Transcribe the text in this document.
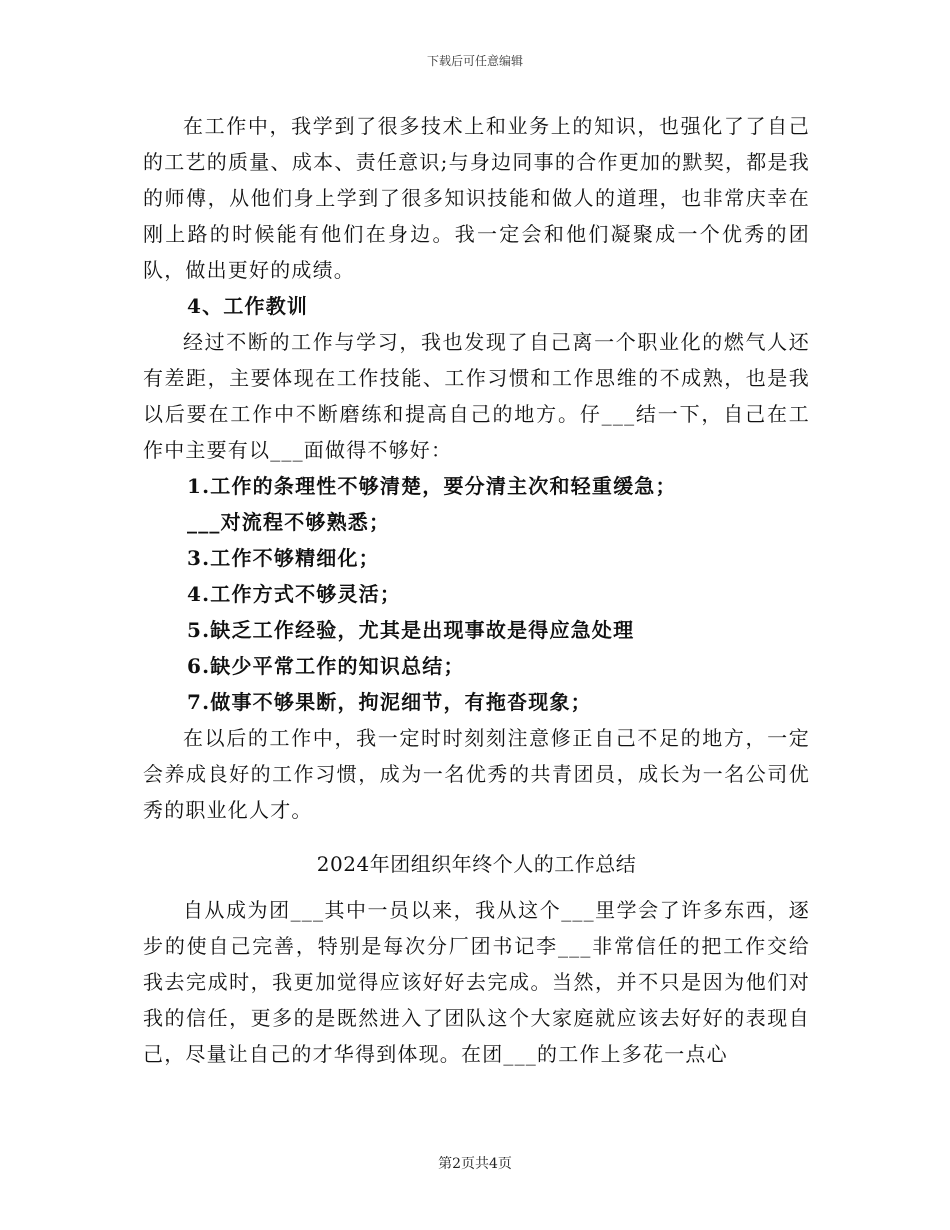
下载后可任意编辑

在工作中，我学到了很多技术上和业务上的知识，也强化了了自己的工艺的质量、成本、责任意识;与身边同事的合作更加的默契，都是我的师傅，从他们身上学到了很多知识技能和做人的道理，也非常庆幸在刚上路的时候能有他们在身边。我一定会和他们凝聚成一个优秀的团队，做出更好的成绩。

4、工作教训

经过不断的工作与学习，我也发现了自己离一个职业化的燃气人还有差距，主要体现在工作技能、工作习惯和工作思维的不成熟，也是我以后要在工作中不断磨练和提高自己的地方。仔___结一下，自己在工作中主要有以___面做得不够好：

1.工作的条理性不够清楚，要分清主次和轻重缓急；

___对流程不够熟悉；

3.工作不够精细化；

4.工作方式不够灵活；

5.缺乏工作经验，尤其是出现事故是得应急处理

6.缺少平常工作的知识总结；

7.做事不够果断，拘泥细节，有拖沓现象；

在以后的工作中，我一定时时刻刻注意修正自己不足的地方，一定会养成良好的工作习惯，成为一名优秀的共青团员，成长为一名公司优秀的职业化人才。

2024年团组织年终个人的工作总结

自从成为团___其中一员以来，我从这个___里学会了许多东西，逐步的使自己完善，特别是每次分厂团书记李___非常信任的把工作交给我去完成时，我更加觉得应该好好去完成。当然，并不只是因为他们对我的信任，更多的是既然进入了团队这个大家庭就应该去好好的表现自己，尽量让自己的才华得到体现。在团___的工作上多花一点心

第2页共4页
